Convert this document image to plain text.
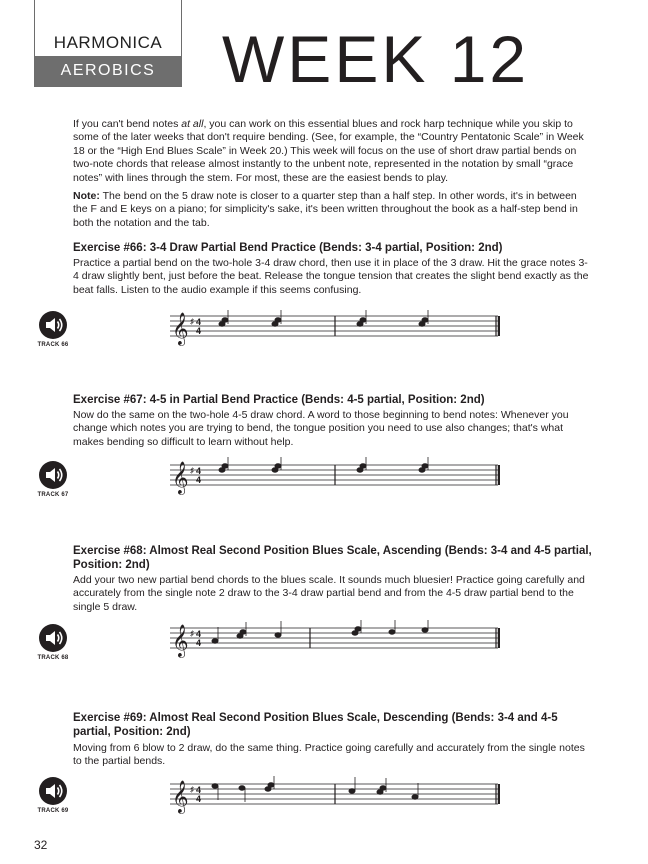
HARMONICA
AEROBICS	WEEK 12

If you can't bend notes at all, you can work on this essential blues and rock harp technique while you skip to some of the later weeks that don't require bending. (See, for example, the “Country Pentatonic Scale” in Week 18 or the “High End Blues Scale” in Week 20.) This week will focus on the use of short draw partial bends on two-note chords that release almost instantly to the unbent note, represented in the notation by small “grace notes” with lines through the stem. For most, these are the easiest bends to play.

Note: The bend on the 5 draw note is closer to a quarter step than a half step. In other words, it's in between the F and E keys on a piano; for simplicity's sake, it's been written throughout the book as a half-step bend in both the notation and the tab.

Exercise #66: 3-4 Draw Partial Bend Practice (Bends: 3-4 partial, Position: 2nd)

Practice a partial bend on the two-hole 3-4 draw chord, then use it in place of the 3 draw. Hit the grace notes 3-4 draw slightly bent, just before the beat. Release the tongue tension that creates the slight bend exactly as the beat falls. Listen to the audio example if this seems confusing.

TRACK 66	𝄞 ♯ 4
4

Exercise #67: 4-5 in Partial Bend Practice (Bends: 4-5 partial, Position: 2nd)

Now do the same on the two-hole 4-5 draw chord. A word to those beginning to bend notes: Whenever you change which notes you are trying to bend, the tongue position you need to use also changes; that's what makes bending so difficult to learn without help.

TRACK 67
𝄞 ♯ 4
4

Exercise #68: Almost Real Second Position Blues Scale, Ascending (Bends: 3-4 and 4-5 partial, Position: 2nd)

Add your two new partial bend chords to the blues scale. It sounds much bluesier! Practice going carefully and accurately from the single note 2 draw to the 3-4 draw partial bend and from the 4-5 draw partial bend to the single 5 draw.

TRACK 68
𝄞 ♯ 4
4

Exercise #69: Almost Real Second Position Blues Scale, Descending (Bends: 3-4 and 4-5 partial, Position: 2nd)

Moving from 6 blow to 2 draw, do the same thing. Practice going carefully and accurately from the single notes to the partial bends.

TRACK 69	𝄞 ♯ 4
4
32
